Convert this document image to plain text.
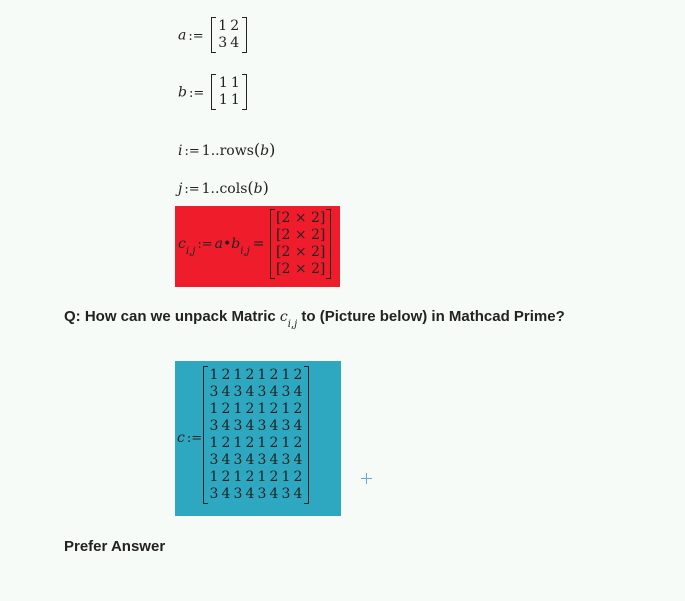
a :=
1 2
3 4
b :=
1 1
1 1
i := 1..rows(b)
j := 1..cols(b)
$c_{i,j}$ := $a•b_{i,j}$ =
[2 × 2]
[2 × 2]
[2 × 2]
[2 × 2]
Q: How can we unpack Matric $c_{i,j}$ to (Picture below) in Mathcad Prime?
c :=
1 2 1 2 1 2 1 2
3 4 3 4 3 4 3 4
1 2 1 2 1 2 1 2
3 4 3 4 3 4 3 4
1 2 1 2 1 2 1 2
3 4 3 4 3 4 3 4
1 2 1 2 1 2 1 2
3 4 3 4 3 4 3 4
Prefer Answer
